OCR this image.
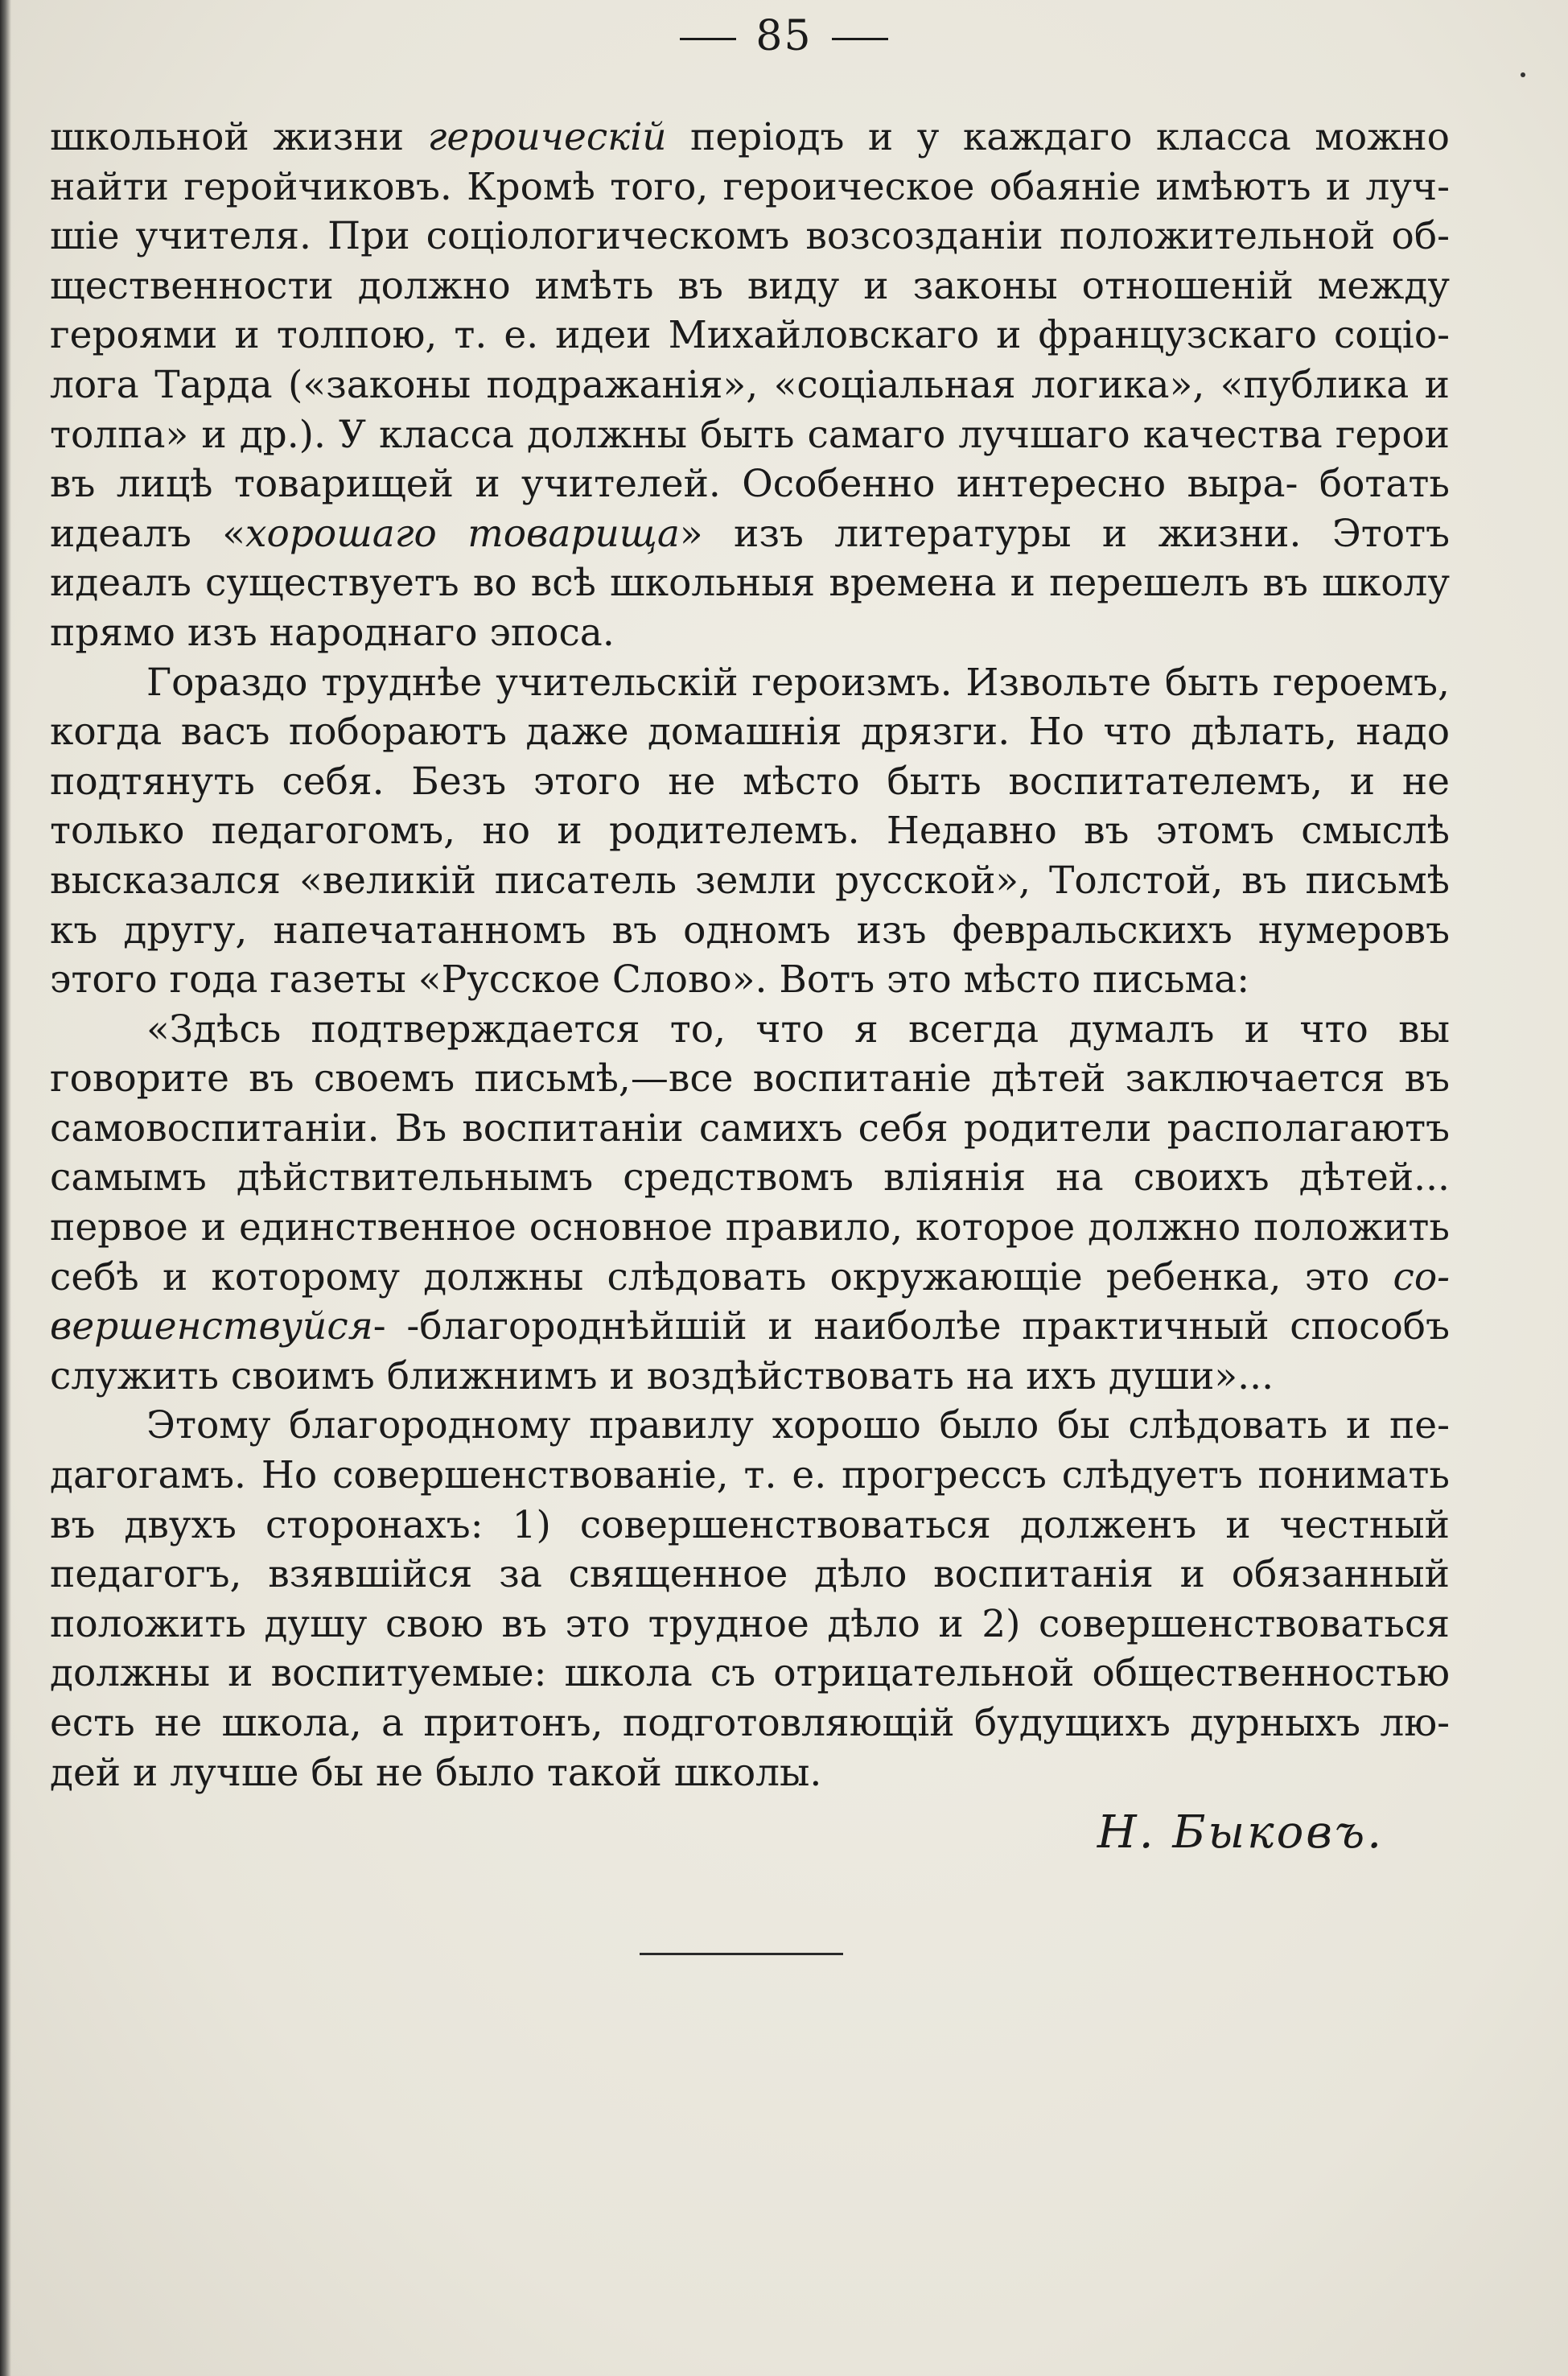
85

школьной жизни героическій періодъ и у каждаго класса можно найти геройчиковъ. Кромѣ того, героическое обаяніе имѣютъ и луч- шіе учителя. При соціологическомъ возсозданіи положительной об- щественности должно имѣть въ виду и законы отношеній между героями и толпою, т. е. идеи Михайловскаго и французскаго соціо- лога Тарда («законы подражанія», «соціальная логика», «публика и толпа» и др.). У класса должны быть самаго лучшаго качества герои въ лицѣ товарищей и учителей. Особенно интересно выра- ботать идеалъ «хорошаго товарища» изъ литературы и жизни. Этотъ идеалъ существуетъ во всѣ школьныя времена и перешелъ въ школу прямо изъ народнаго эпоса.

Гораздо труднѣе учительскій героизмъ. Извольте быть героемъ, когда васъ побораютъ даже домашнія дрязги. Но что дѣлать, надо подтянуть себя. Безъ этого не мѣсто быть воспитателемъ, и не только педагогомъ, но и родителемъ. Недавно въ этомъ смыслѣ высказался «великій писатель земли русской», Толстой, въ письмѣ къ другу, напечатанномъ въ одномъ изъ февральскихъ нумеровъ этого года газеты «Русское Слово». Вотъ это мѣсто письма:

«Здѣсь подтверждается то, что я всегда думалъ и что вы говорите въ своемъ письмѣ,—все воспитаніе дѣтей заключается въ самовоспитаніи. Въ воспитаніи самихъ себя родители располагаютъ самымъ дѣйствительнымъ средствомъ вліянія на своихъ дѣтей... первое и единственное основное правило, которое должно положить себѣ и которому должны слѣдовать окружающіе ребенка, это со- вершенствуйся- -благороднѣйшій и наиболѣе практичный способъ служить своимъ ближнимъ и воздѣйствовать на ихъ души»...

Этому благородному правилу хорошо было бы слѣдовать и пе- дагогамъ. Но совершенствованіе, т. е. прогрессъ слѣдуетъ понимать въ двухъ сторонахъ: 1) совершенствоваться долженъ и честный педагогъ, взявшійся за священное дѣло воспитанія и обязанный положить душу свою въ это трудное дѣло и 2) совершенствоваться должны и воспитуемые: школа съ отрицательной общественностью есть не школа, а притонъ, подготовляющій будущихъ дурныхъ лю- дей и лучше бы не было такой школы.

Н. Быковъ.
